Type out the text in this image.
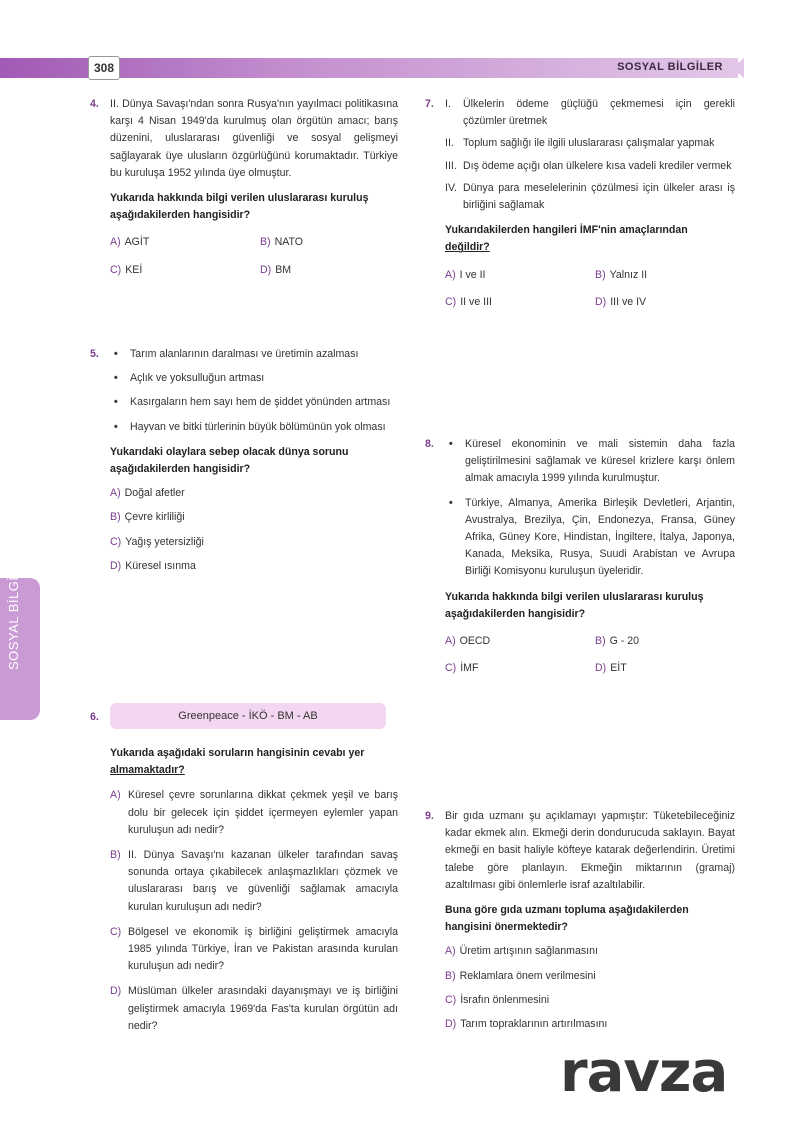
308	SOSYAL BİLGİLER
SOSYAL BİLGİLER
4. II. Dünya Savaşı'ndan sonra Rusya'nın yayılmacı politikasına karşı 4 Nisan 1949'da kurulmuş olan örgütün amacı; barış düzenini, uluslararası güvenliği ve sosyal gelişmeyi sağlayarak üye ulusların özgürlüğünü korumaktadır. Türkiye bu kuruluşa 1952 yılında üye olmuştur.
Yukarıda hakkında bilgi verilen uluslararası kuruluş aşağıdakilerden hangisidir?
A) AGİT	B) NATO
C) KEİ	D) BM
5. • Tarım alanlarının daralması ve üretimin azalması
• Açlık ve yoksulluğun artması
• Kasırgaların hem sayı hem de şiddet yönünden artması
• Hayvan ve bitki türlerinin büyük bölümünün yok olması
Yukarıdaki olaylara sebep olacak dünya sorunu aşağıdakilerden hangisidir?
A) Doğal afetler
B) Çevre kirliliği
C) Yağış yetersizliği
D) Küresel ısınma
6.	Greenpeace - İKÖ - BM - AB
Yukarıda aşağıdaki soruların hangisinin cevabı yer almamaktadır?
A) Küresel çevre sorunlarına dikkat çekmek yeşil ve barış dolu bir gelecek için şiddet içermeyen eylemler yapan kuruluşun adı nedir?
B) II. Dünya Savaşı'nı kazanan ülkeler tarafından savaş sonunda ortaya çıkabilecek anlaşmazlıkları çözmek ve uluslararası barış ve güvenliği sağlamak amacıyla kurulan kuruluşun adı nedir?
C) Bölgesel ve ekonomik iş birliğini geliştirmek amacıyla 1985 yılında Türkiye, İran ve Pakistan arasında kurulan kuruluşun adı nedir?
D) Müslüman ülkeler arasındaki dayanışmayı ve iş birliğini geliştirmek amacıyla 1969'da Fas'ta kurulan örgütün adı nedir?
7. I. Ülkelerin ödeme güçlüğü çekmemesi için gerekli çözümler üretmek
II. Toplum sağlığı ile ilgili uluslararası çalışmalar yapmak
III. Dış ödeme açığı olan ülkelere kısa vadeli krediler vermek
IV. Dünya para meselelerinin çözülmesi için ülkeler arası iş birliğini sağlamak
Yukarıdakilerden hangileri İMF'nin amaçlarından değildir?
A) I ve II	B) Yalnız II
C) II ve III	D) III ve IV
8. • Küresel ekonominin ve mali sistemin daha fazla geliştirilmesini sağlamak ve küresel krizlere karşı önlem almak amacıyla 1999 yılında kurulmuştur.
• Türkiye, Almanya, Amerika Birleşik Devletleri, Arjantin, Avustralya, Brezilya, Çin, Endonezya, Fransa, Güney Afrika, Güney Kore, Hindistan, İngiltere, İtalya, Japonya, Kanada, Meksika, Rusya, Suudi Arabistan ve Avrupa Birliği Komisyonu kuruluşun üyeleridir.
Yukarıda hakkında bilgi verilen uluslararası kuruluş aşağıdakilerden hangisidir?
A) OECD	B) G - 20
C) İMF	D) EİT
9. Bir gıda uzmanı şu açıklamayı yapmıştır: Tüketebileceğiniz kadar ekmek alın. Ekmeği derin dondurucuda saklayın. Bayat ekmeği en basit haliyle köfteye katarak değerlendirin. Üretimi talebe göre planlayın. Ekmeğin miktarının (gramaj) azaltılması gibi önlemlerle israf azaltılabilir.
Buna göre gıda uzmanı topluma aşağıdakilerden hangisini önermektedir?
A) Üretim artışının sağlanmasını
B) Reklamlara önem verilmesini
C) İsrafın önlenmesini
D) Tarım topraklarının artırılmasını
ravza
